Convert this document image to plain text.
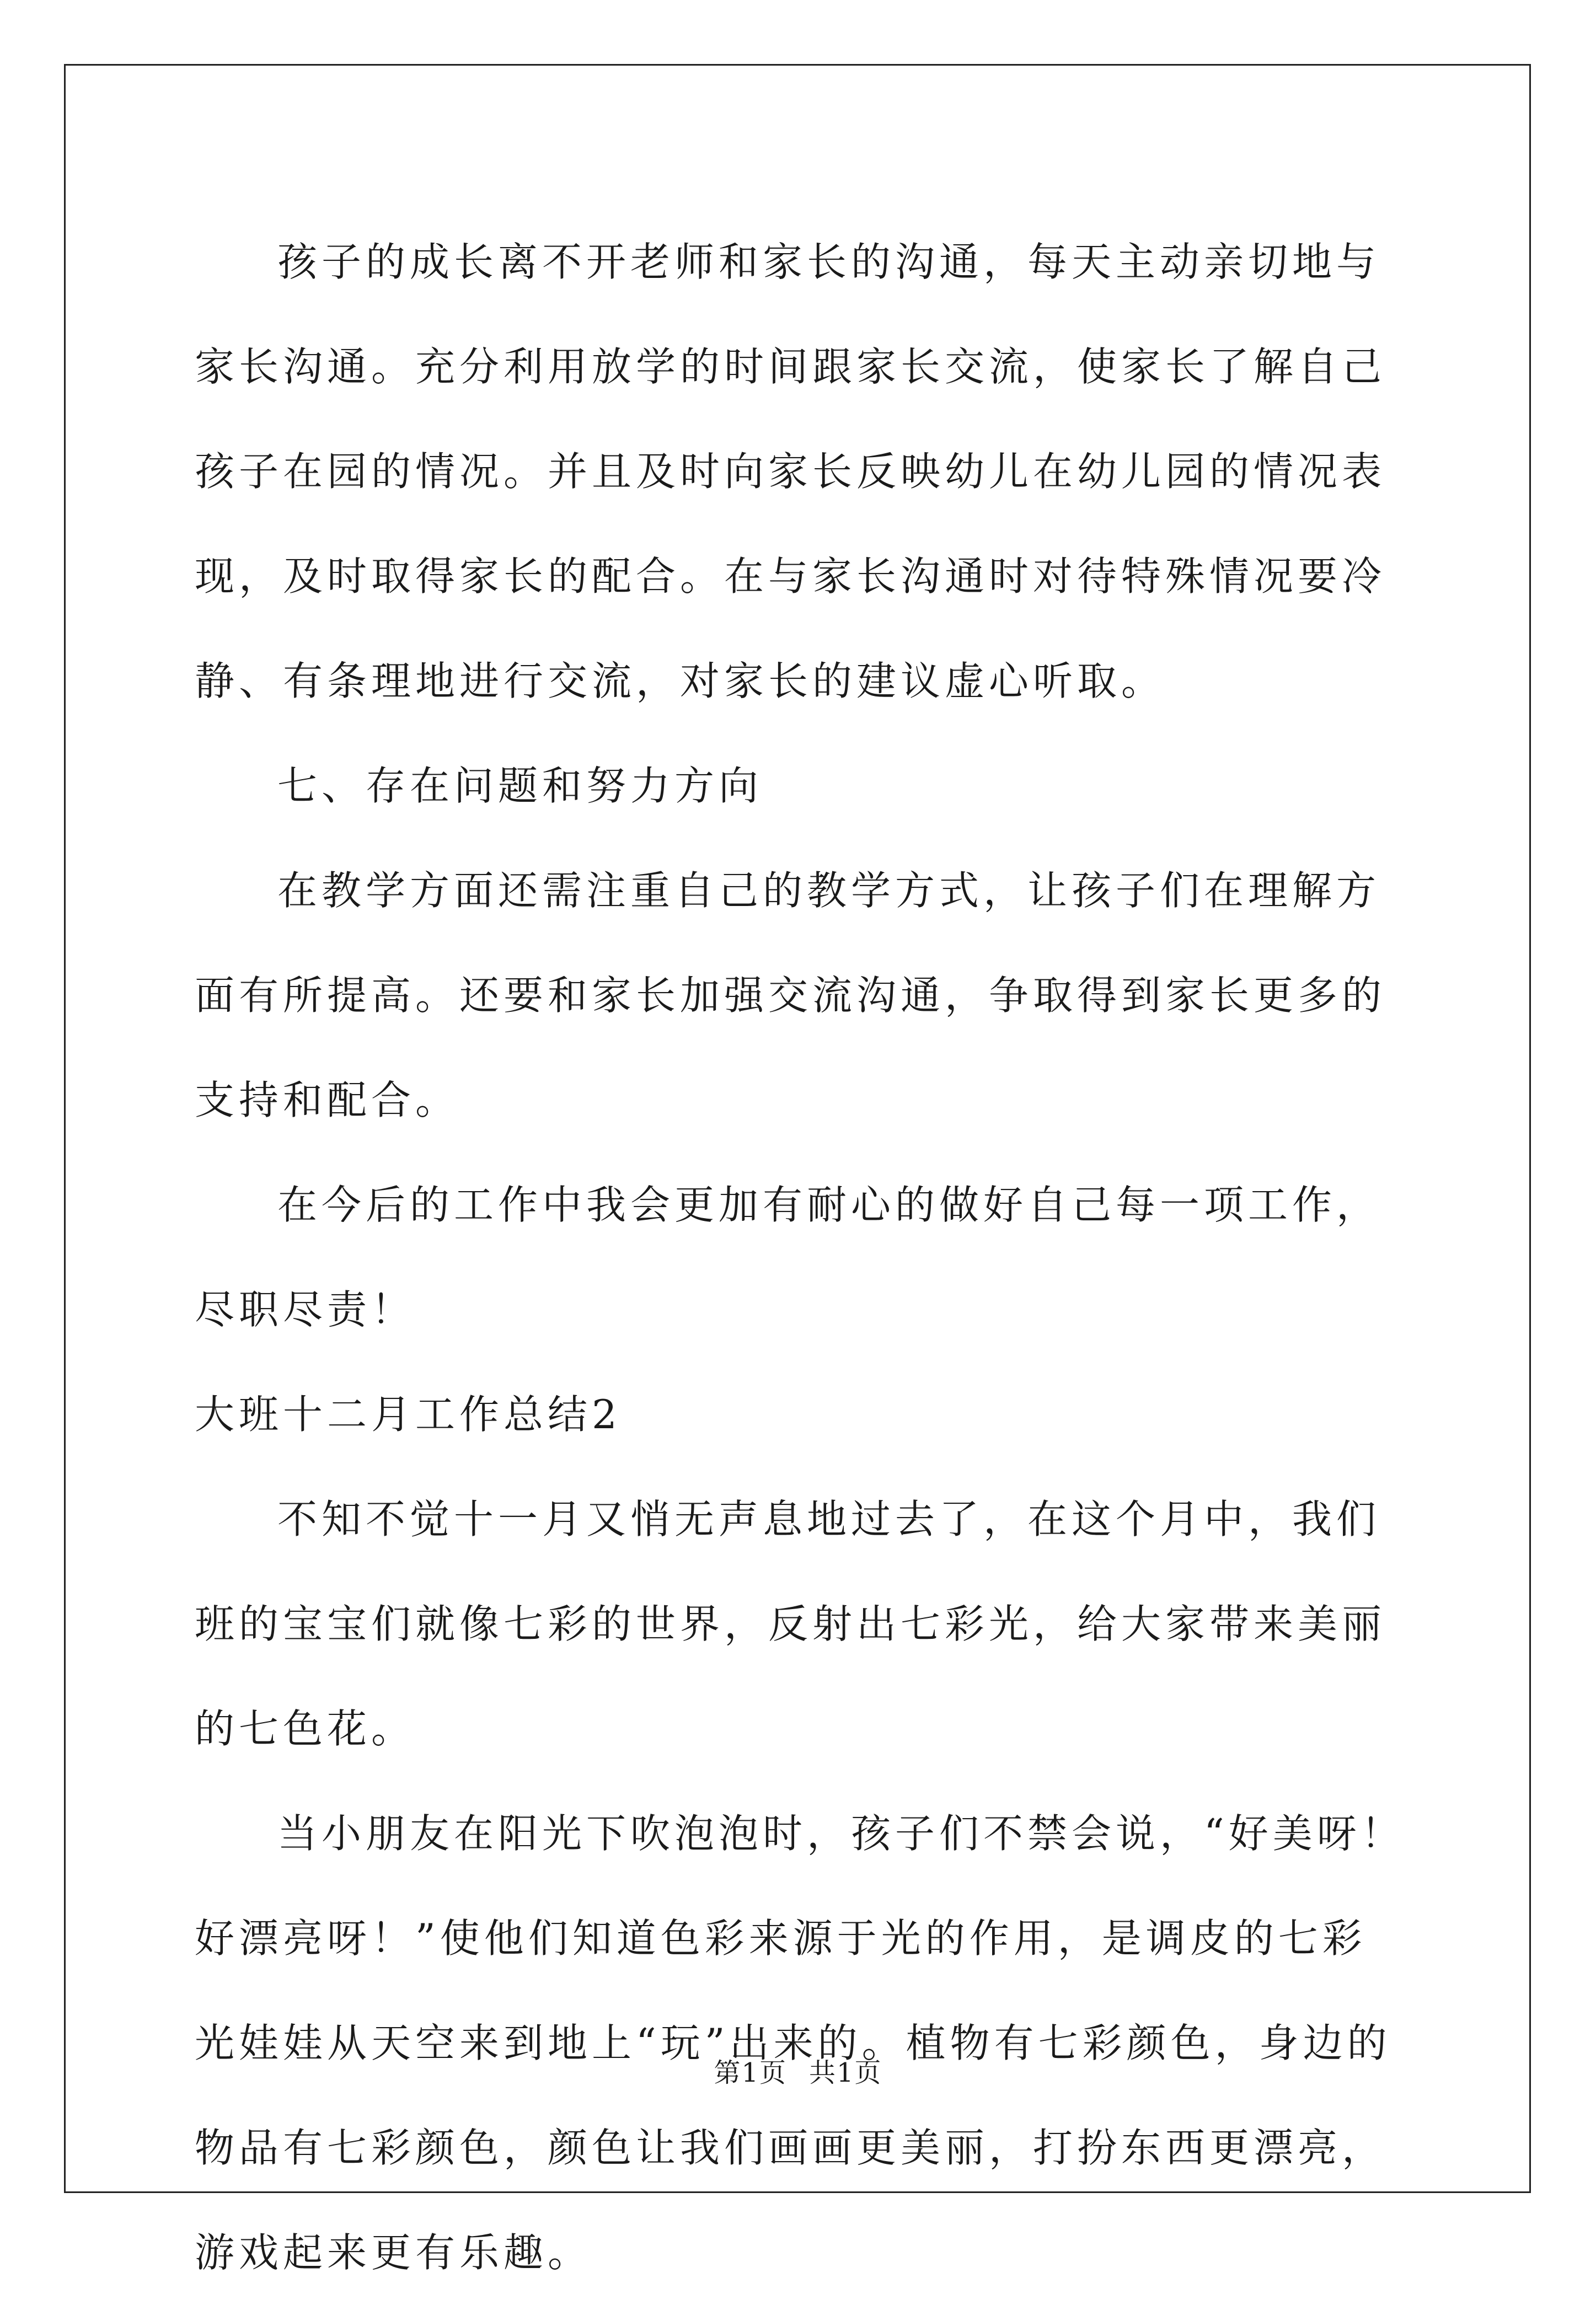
孩子的成长离不开老师和家长的沟通，每天主动亲切地与家长沟通。充分利用放学的时间跟家长交流，使家长了解自己孩子在园的情况。并且及时向家长反映幼儿在幼儿园的情况表现，及时取得家长的配合。在与家长沟通时对待特殊情况要冷静、有条理地进行交流，对家长的建议虚心听取。

七、存在问题和努力方向

在教学方面还需注重自己的教学方式，让孩子们在理解方面有所提高。还要和家长加强交流沟通，争取得到家长更多的支持和配合。

在今后的工作中我会更加有耐心的做好自己每一项工作，尽职尽责！

大班十二月工作总结2

不知不觉十一月又悄无声息地过去了，在这个月中，我们班的宝宝们就像七彩的世界，反射出七彩光，给大家带来美丽的七色花。

当小朋友在阳光下吹泡泡时，孩子们不禁会说，“好美呀！好漂亮呀！”使他们知道色彩来源于光的作用，是调皮的七彩光娃娃从天空来到地上“玩”出来的。植物有七彩颜色，身边的物品有七彩颜色，颜色让我们画画更美丽，打扮东西更漂亮，游戏起来更有乐趣。

第1页 共1页
